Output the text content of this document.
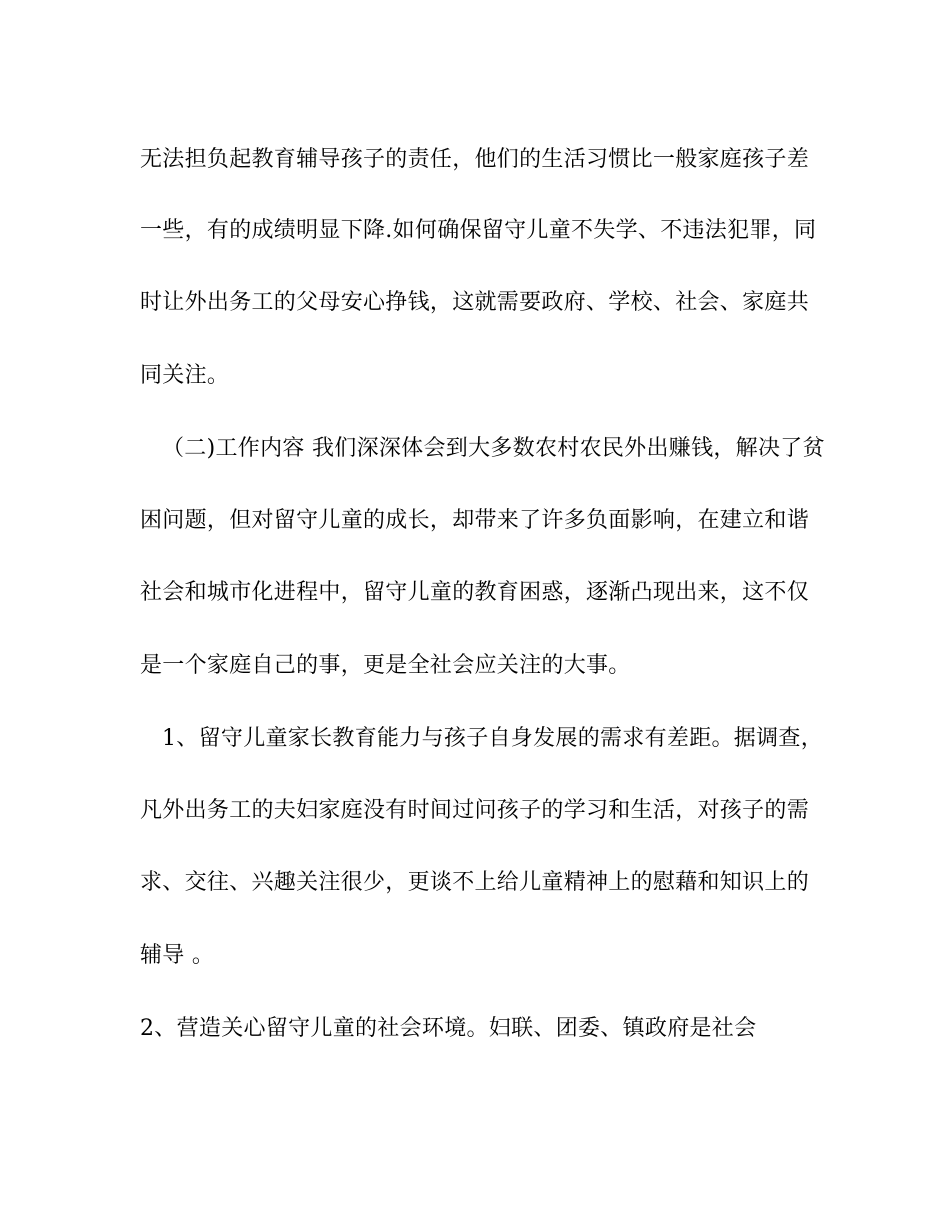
无法担负起教育辅导孩子的责任，他们的生活习惯比一般家庭孩子差
一些，有的成绩明显下降.如何确保留守儿童不失学、不违法犯罪，同
时让外出务工的父母安心挣钱，这就需要政府、学校、社会、家庭共
同关注。
（二)工作内容 我们深深体会到大多数农村农民外出赚钱，解决了贫
困问题，但对留守儿童的成长，却带来了许多负面影响，在建立和谐
社会和城市化进程中，留守儿童的教育困惑，逐渐凸现出来，这不仅
是一个家庭自己的事，更是全社会应关注的大事。
1、留守儿童家长教育能力与孩子自身发展的需求有差距。据调查，
凡外出务工的夫妇家庭没有时间过问孩子的学习和生活，对孩子的需
求、交往、兴趣关注很少，更谈不上给儿童精神上的慰藉和知识上的
辅导 。
2、营造关心留守儿童的社会环境。妇联、团委、镇政府是社会
